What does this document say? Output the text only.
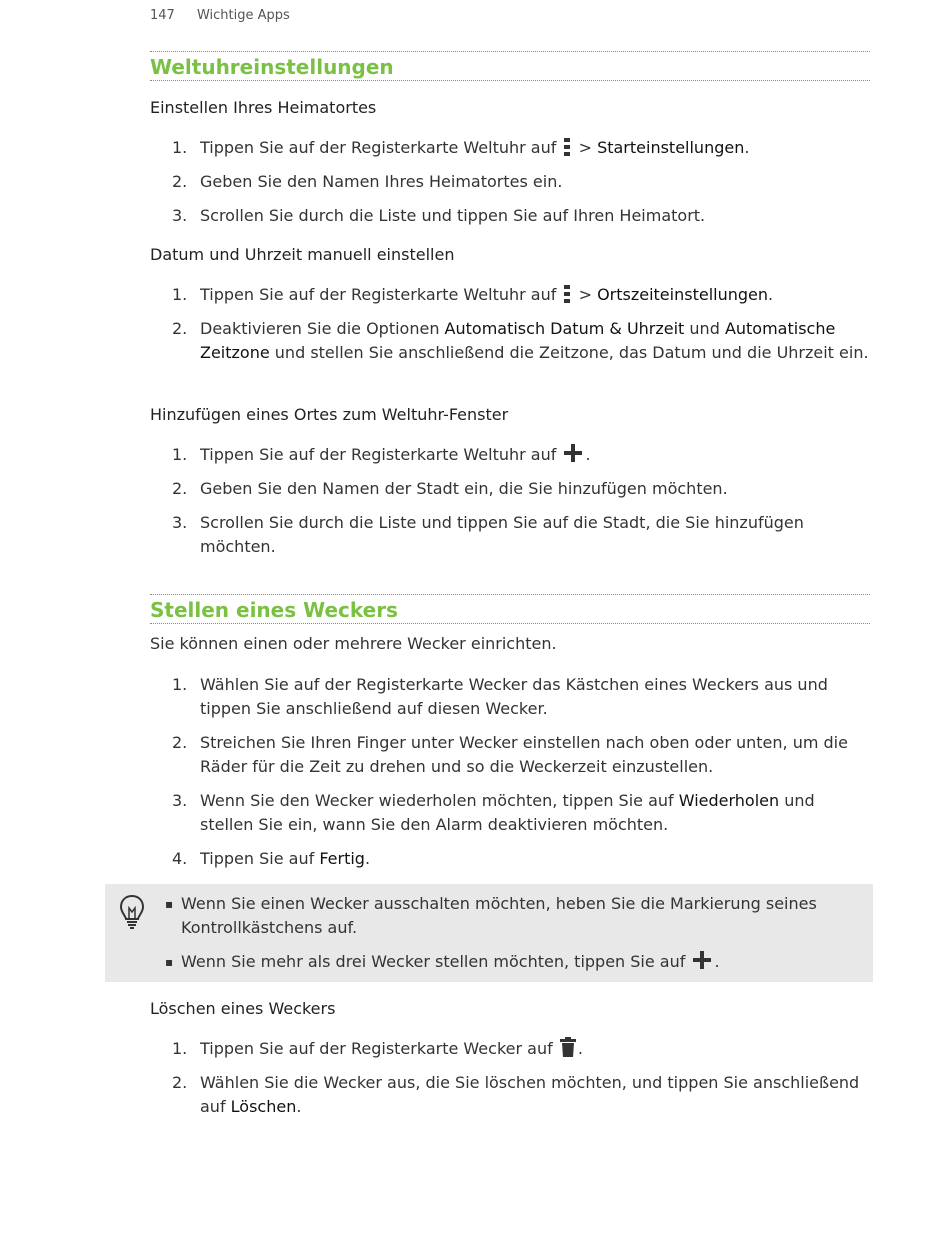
147 Wichtige Apps
Weltuhreinstellungen
Einstellen Ihres Heimatortes
1. Tippen Sie auf der Registerkarte Weltuhr auf  > Starteinstellungen.
2. Geben Sie den Namen Ihres Heimatortes ein.
3. Scrollen Sie durch die Liste und tippen Sie auf Ihren Heimatort.
Datum und Uhrzeit manuell einstellen
1. Tippen Sie auf der Registerkarte Weltuhr auf  > Ortszeiteinstellungen.
2. Deaktivieren Sie die Optionen Automatisch Datum & Uhrzeit und Automatische Zeitzone und stellen Sie anschließend die Zeitzone, das Datum und die Uhrzeit ein.
Hinzufügen eines Ortes zum Weltuhr-Fenster
1. Tippen Sie auf der Registerkarte Weltuhr auf .
2. Geben Sie den Namen der Stadt ein, die Sie hinzufügen möchten.
3. Scrollen Sie durch die Liste und tippen Sie auf die Stadt, die Sie hinzufügen möchten.
Stellen eines Weckers
Sie können einen oder mehrere Wecker einrichten.
1. Wählen Sie auf der Registerkarte Wecker das Kästchen eines Weckers aus und tippen Sie anschließend auf diesen Wecker.
2. Streichen Sie Ihren Finger unter Wecker einstellen nach oben oder unten, um die Räder für die Zeit zu drehen und so die Weckerzeit einzustellen.
3. Wenn Sie den Wecker wiederholen möchten, tippen Sie auf Wiederholen und stellen Sie ein, wann Sie den Alarm deaktivieren möchten.
4. Tippen Sie auf Fertig.
▪ Wenn Sie einen Wecker ausschalten möchten, heben Sie die Markierung seines Kontrollkästchens auf.
▪ Wenn Sie mehr als drei Wecker stellen möchten, tippen Sie auf .
Löschen eines Weckers
1. Tippen Sie auf der Registerkarte Wecker auf .
2. Wählen Sie die Wecker aus, die Sie löschen möchten, und tippen Sie anschließend auf Löschen.
